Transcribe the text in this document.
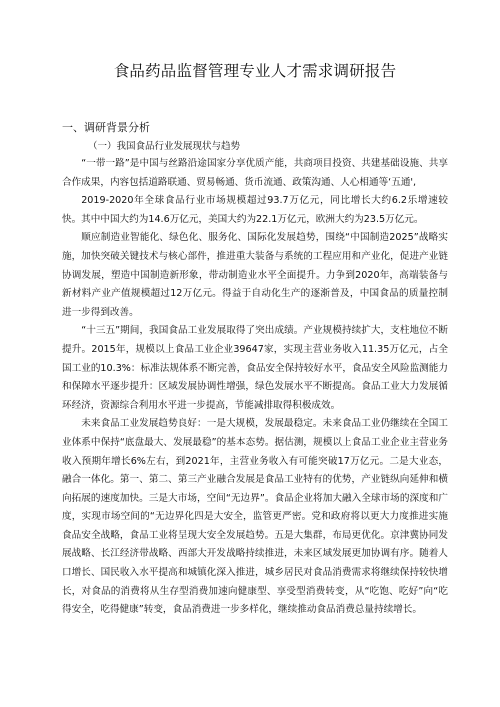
食品药品监督管理专业人才需求调研报告
一、调研背景分析
（一）我国食品行业发展现状与趋势

“一带一路”是中国与丝路沿途国家分享优质产能，共商项目投资、共建基础设施、共享合作成果，内容包括道路联通、贸易畅通、货币流通、政策沟通、人心相通等‘五通',

2019-2020年全球食品行业市场规模超过93.7万亿元，同比增长大约6.2乐增速较快。其中中国大约为14.6万亿元，美国大约为22.1万亿元，欧洲大约为23.5万亿元。

顺应制造业智能化、绿色化、服务化、国际化发展趋势，围绕“中国制造2025”战略实施，加快突破关键技术与核心部件，推进重大装备与系统的工程应用和产业化，促进产业链协调发展，塑造中国制造新形象，带动制造业水平全面提升。力争到2020年，高端装备与新材料产业产值规模超过12万亿元。得益于自动化生产的逐渐普及，中国食品的质量控制进一步得到改善。

“十三五”期间，我国食品工业发展取得了突出成绩。产业规模持续扩大，支柱地位不断提升。2015年，规模以上食品工业企业39647家，实现主营业务收入11.35万亿元，占全国工业的10.3%：标准法规体系不断完善，食品安全保持较好水平，食品安全风险监测能力和保障水平逐步提升：区域发展协调性增强，绿色发展水平不断提高。食品工业大力发展循环经济，资源综合利用水平进一步提高，节能减排取得积极成效。

未来食品工业发展趋势良好：一是大规模，发展最稳定。未来食品工业仍继续在全国工业体系中保持“底盘最大、发展最稳”的基本态势。据估测，规模以上食品工业企业主营业务收入预期年增长6%左右，到2021年，主营业务收入有可能突破17万亿元。二是大业态，融合一体化。第一、第二、第三产业融合发展是食品工业特有的优势，产业链纵向延伸和横向拓展的速度加快。三是大市场，空间“无边界”。食品企业将加大融入全球市场的深度和广度，实现市场空间的“无边界化四是大安全，监管更严密。党和政府将以更大力度推进实施食品安全战略，食品工业将呈现大安全发展趋势。五是大集群，布局更优化。京津冀协同发展战略、长江经济带战略、西部大开发战略持续推进，未来区域发展更加协调有序。随着人口增长、国民收入水平提高和城镇化深入推进，城乡居民对食品消费需求将继续保持较快增长，对食品的消费将从生存型消费加速向健康型、享受型消费转变，从“吃饱、吃好”向“吃得安全，吃得健康”转变，食品消费进一步多样化，继续推动食品消费总量持续增长。
